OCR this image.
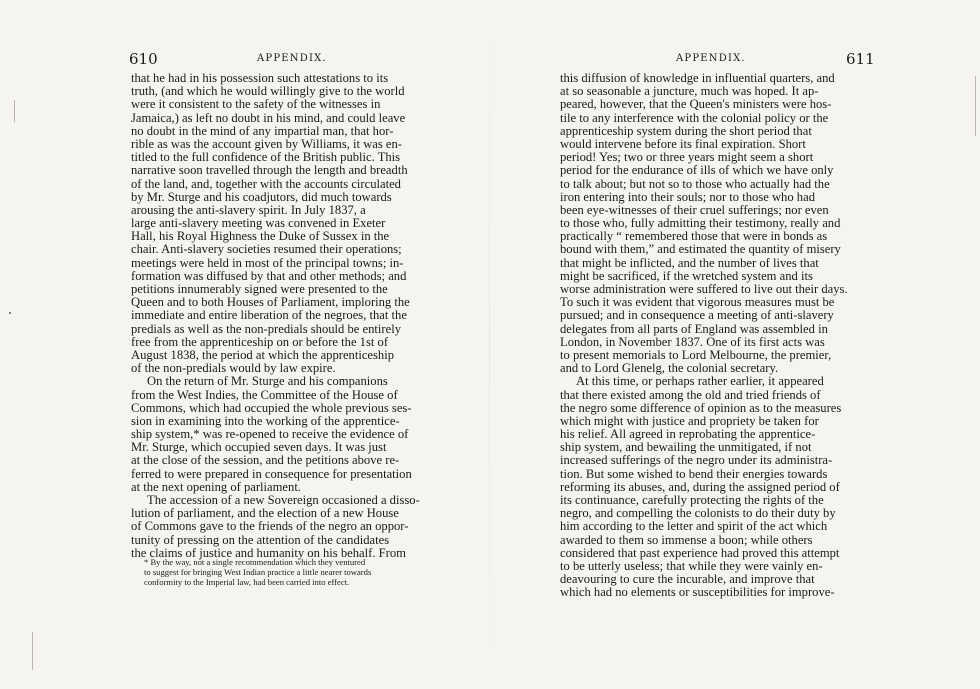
610	APPENDIX.
that he had in his possession such attestations to its
truth, (and which he would willingly give to the world
were it consistent to the safety of the witnesses in
Jamaica,) as left no doubt in his mind, and could leave
no doubt in the mind of any impartial man, that hor-
rible as was the account given by Williams, it was en-
titled to the full confidence of the British public. This
narrative soon travelled through the length and breadth
of the land, and, together with the accounts circulated
by Mr. Sturge and his coadjutors, did much towards
arousing the anti-slavery spirit. In July 1837, a
large anti-slavery meeting was convened in Exeter
Hall, his Royal Highness the Duke of Sussex in the
chair. Anti-slavery societies resumed their operations;
meetings were held in most of the principal towns; in-
formation was diffused by that and other methods; and
petitions innumerably signed were presented to the
Queen and to both Houses of Parliament, imploring the
immediate and entire liberation of the negroes, that the
predials as well as the non-predials should be entirely
free from the apprenticeship on or before the 1st of
August 1838, the period at which the apprenticeship
of the non-predials would by law expire.
On the return of Mr. Sturge and his companions
from the West Indies, the Committee of the House of
Commons, which had occupied the whole previous ses-
sion in examining into the working of the apprentice-
ship system,* was re-opened to receive the evidence of
Mr. Sturge, which occupied seven days. It was just
at the close of the session, and the petitions above re-
ferred to were prepared in consequence for presentation
at the next opening of parliament.
The accession of a new Sovereign occasioned a disso-
lution of parliament, and the election of a new House
of Commons gave to the friends of the negro an oppor-
tunity of pressing on the attention of the candidates
the claims of justice and humanity on his behalf. From
* By the way, not a single recommendation which they ventured
to suggest for bringing West Indian practice a little nearer towards
conformity to the Imperial law, had been carried into effect.
APPENDIX.	611
this diffusion of knowledge in influential quarters, and
at so seasonable a juncture, much was hoped. It ap-
peared, however, that the Queen's ministers were hos-
tile to any interference with the colonial policy or the
apprenticeship system during the short period that
would intervene before its final expiration. Short
period! Yes; two or three years might seem a short
period for the endurance of ills of which we have only
to talk about; but not so to those who actually had the
iron entering into their souls; nor to those who had
been eye-witnesses of their cruel sufferings; nor even
to those who, fully admitting their testimony, really and
practically “ remembered those that were in bonds as
bound with them,” and estimated the quantity of misery
that might be inflicted, and the number of lives that
might be sacrificed, if the wretched system and its
worse administration were suffered to live out their days.
To such it was evident that vigorous measures must be
pursued; and in consequence a meeting of anti-slavery
delegates from all parts of England was assembled in
London, in November 1837. One of its first acts was
to present memorials to Lord Melbourne, the premier,
and to Lord Glenelg, the colonial secretary.
At this time, or perhaps rather earlier, it appeared
that there existed among the old and tried friends of
the negro some difference of opinion as to the measures
which might with justice and propriety be taken for
his relief. All agreed in reprobating the apprentice-
ship system, and bewailing the unmitigated, if not
increased sufferings of the negro under its administra-
tion. But some wished to bend their energies towards
reforming its abuses, and, during the assigned period of
its continuance, carefully protecting the rights of the
negro, and compelling the colonists to do their duty by
him according to the letter and spirit of the act which
awarded to them so immense a boon; while others
considered that past experience had proved this attempt
to be utterly useless; that while they were vainly en-
deavouring to cure the incurable, and improve that
which had no elements or susceptibilities for improve-
